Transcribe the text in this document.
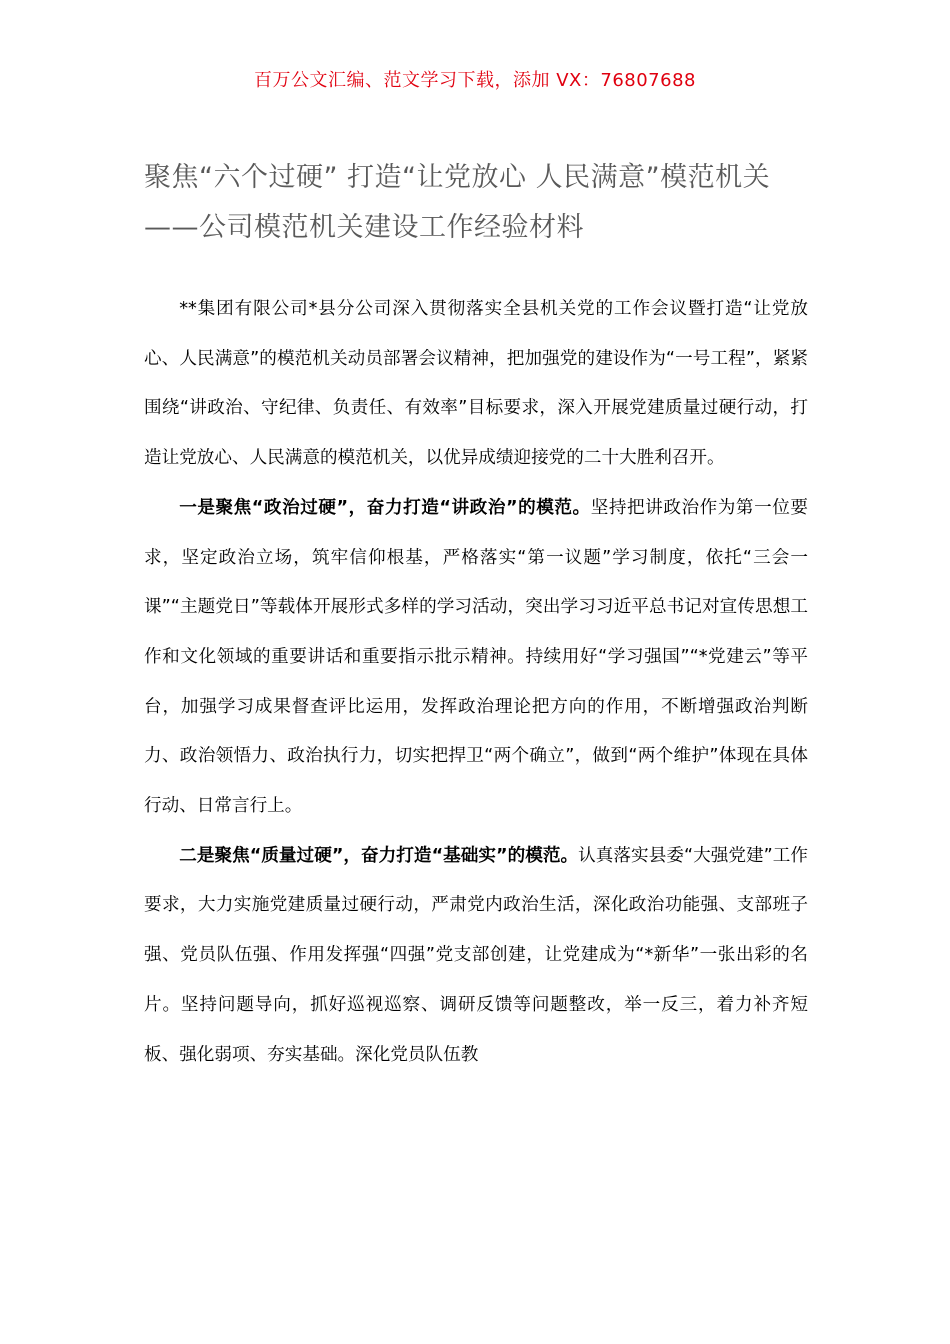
百万公文汇编、范文学习下载，添加 VX：76807688
聚焦“六个过硬” 打造“让党放心 人民满意”模范机关——公司模范机关建设工作经验材料

**集团有限公司*县分公司深入贯彻落实全县机关党的工作会议暨打造“让党放心、人民满意”的模范机关动员部署会议精神，把加强党的建设作为“一号工程”，紧紧围绕“讲政治、守纪律、负责任、有效率”目标要求，深入开展党建质量过硬行动，打造让党放心、人民满意的模范机关，以优异成绩迎接党的二十大胜利召开。

一是聚焦“政治过硬”，奋力打造“讲政治”的模范。坚持把讲政治作为第一位要求，坚定政治立场，筑牢信仰根基，严格落实“第一议题”学习制度，依托“三会一课”“主题党日”等载体开展形式多样的学习活动，突出学习习近平总书记对宣传思想工作和文化领域的重要讲话和重要指示批示精神。持续用好“学习强国”“*党建云”等平台，加强学习成果督查评比运用，发挥政治理论把方向的作用，不断增强政治判断力、政治领悟力、政治执行力，切实把捍卫“两个确立”，做到“两个维护”体现在具体行动、日常言行上。

二是聚焦“质量过硬”，奋力打造“基础实”的模范。认真落实县委“大强党建”工作要求，大力实施党建质量过硬行动，严肃党内政治生活，深化政治功能强、支部班子强、党员队伍强、作用发挥强“四强”党支部创建，让党建成为“*新华”一张出彩的名片。坚持问题导向，抓好巡视巡察、调研反馈等问题整改，举一反三，着力补齐短板、强化弱项、夯实基础。深化党员队伍教
